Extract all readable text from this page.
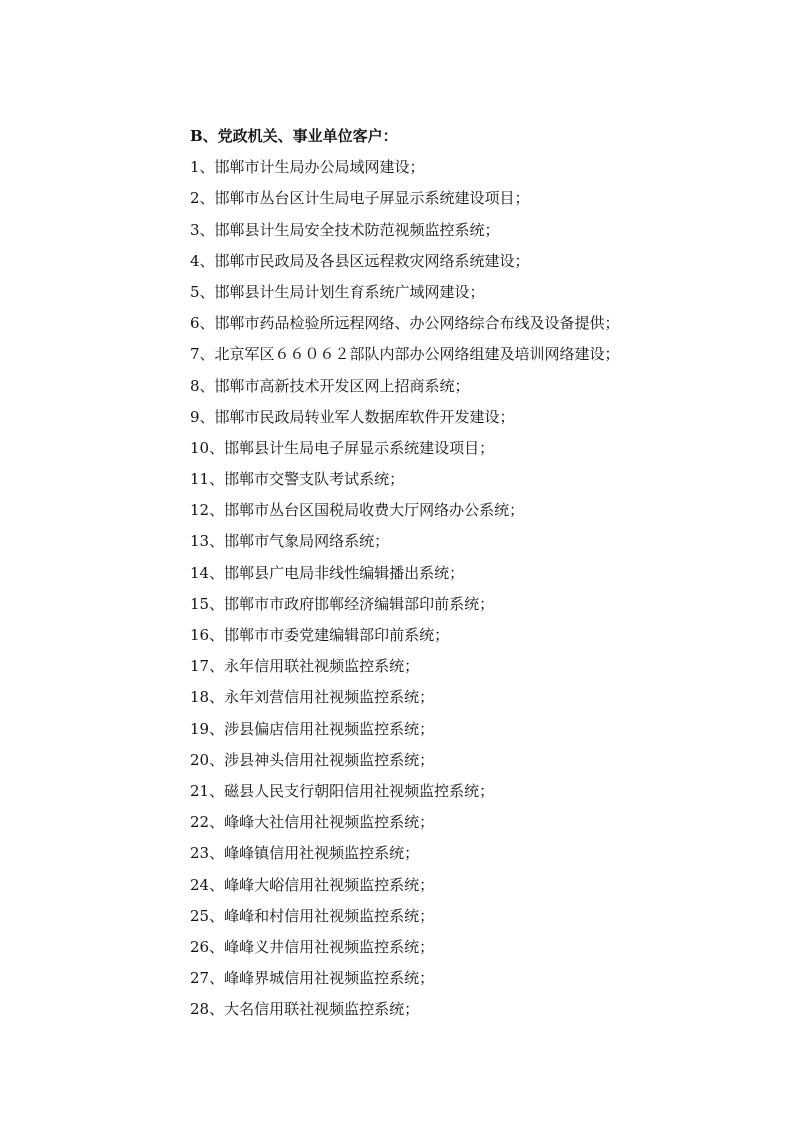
B、党政机关、事业单位客户：
1、邯郸市计生局办公局域网建设；
2、邯郸市丛台区计生局电子屏显示系统建设项目；
3、邯郸县计生局安全技术防范视频监控系统；
4、邯郸市民政局及各县区远程救灾网络系统建设；
5、邯郸县计生局计划生育系统广域网建设；
6、邯郸市药品检验所远程网络、办公网络综合布线及设备提供；
7、北京军区６６０６２部队内部办公网络组建及培训网络建设；
8、邯郸市高新技术开发区网上招商系统；
9、邯郸市民政局转业军人数据库软件开发建设；
10、邯郸县计生局电子屏显示系统建设项目；
11、邯郸市交警支队考试系统；
12、邯郸市丛台区国税局收费大厅网络办公系统；
13、邯郸市气象局网络系统；
14、邯郸县广电局非线性编辑播出系统；
15、邯郸市市政府邯郸经济编辑部印前系统；
16、邯郸市市委党建编辑部印前系统；
17、永年信用联社视频监控系统；
18、永年刘营信用社视频监控系统；
19、涉县偏店信用社视频监控系统；
20、涉县神头信用社视频监控系统；
21、磁县人民支行朝阳信用社视频监控系统；
22、峰峰大社信用社视频监控系统；
23、峰峰镇信用社视频监控系统；
24、峰峰大峪信用社视频监控系统；
25、峰峰和村信用社视频监控系统；
26、峰峰义井信用社视频监控系统；
27、峰峰界城信用社视频监控系统；
28、大名信用联社视频监控系统；
